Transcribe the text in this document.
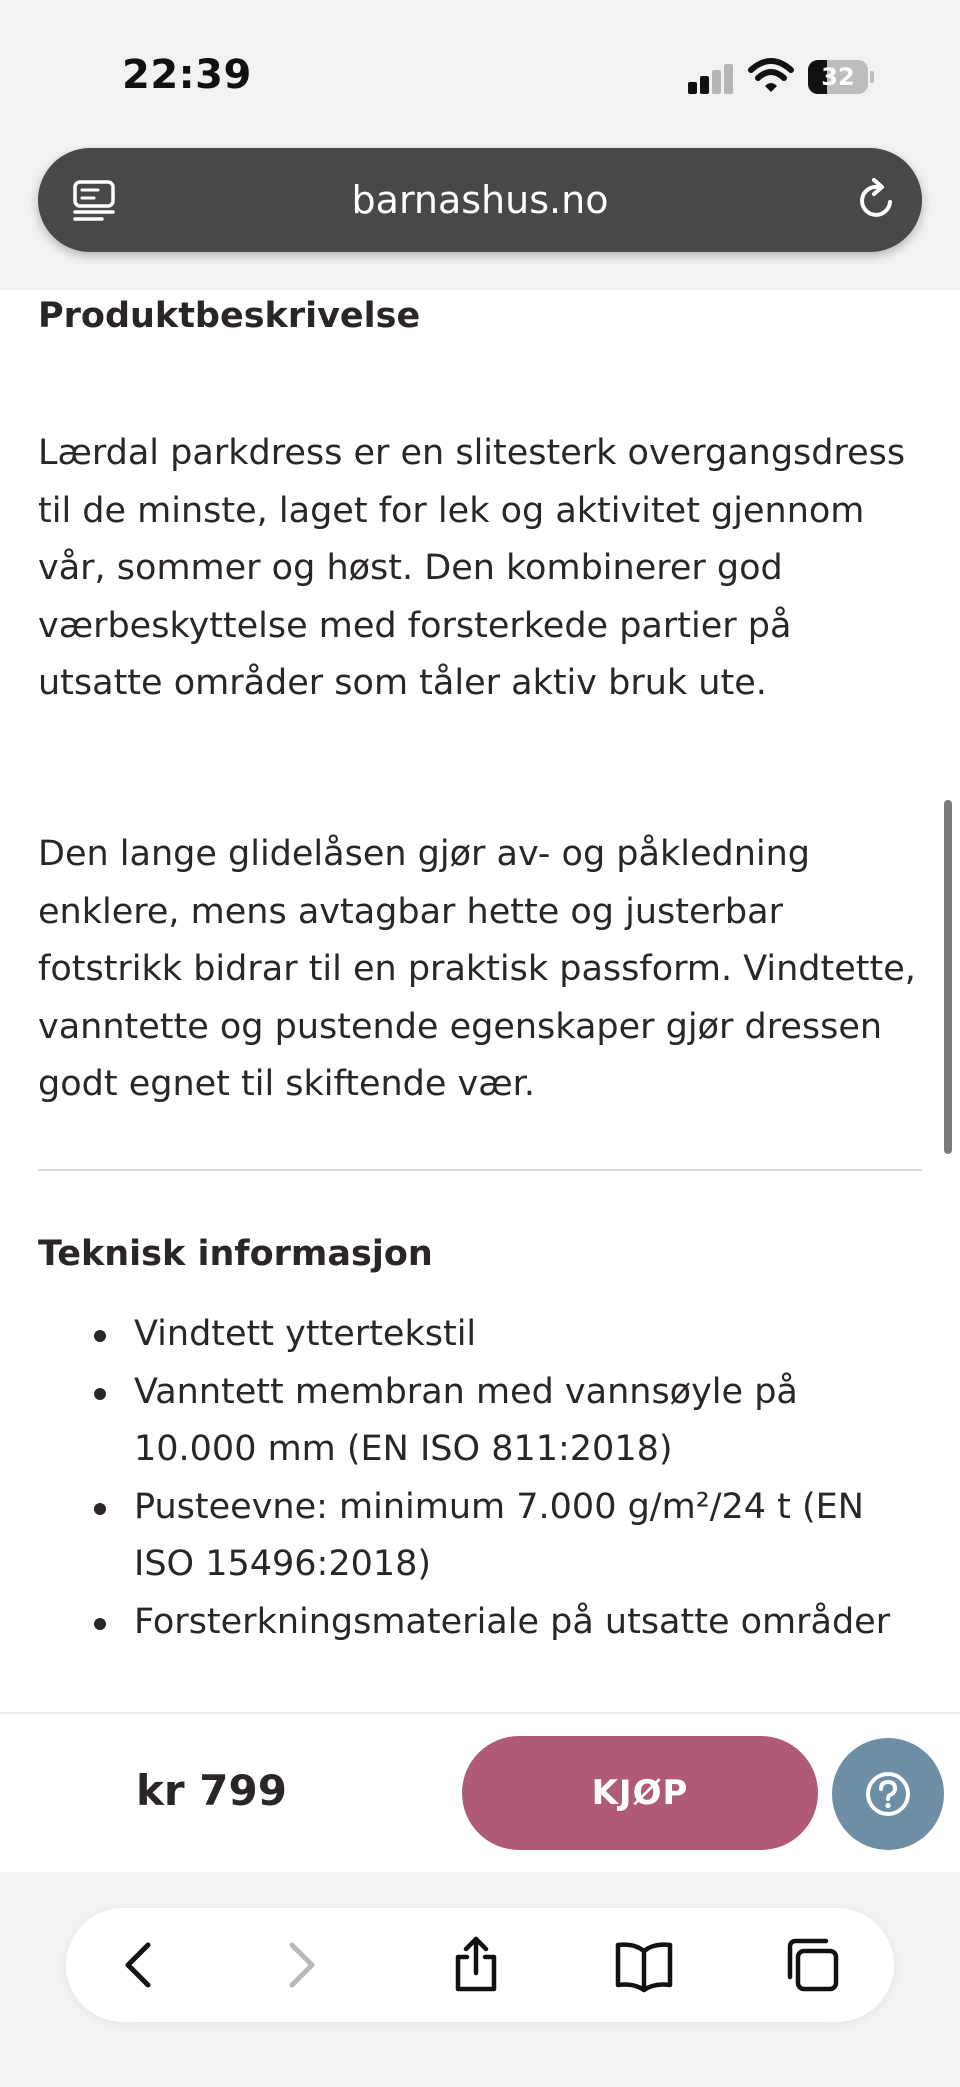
22:39	32
barnashus.no
Produktbeskrivelse

Lærdal parkdress er en slitesterk overgangsdress til de minste, laget for lek og aktivitet gjennom vår, sommer og høst. Den kombinerer god værbeskyttelse med forsterkede partier på utsatte områder som tåler aktiv bruk ute.

Den lange glidelåsen gjør av- og påkledning enklere, mens avtagbar hette og justerbar fotstrikk bidrar til en praktisk passform. Vindtette, vanntette og pustende egenskaper gjør dressen godt egnet til skiftende vær.

Teknisk informasjon
Vindtett yttertekstil
Vanntett membran med vannsøyle på 10.000 mm (EN ISO 811:2018)
Pusteevne: minimum 7.000 g/m²/24 t (EN ISO 15496:2018)
Forsterkningsmateriale på utsatte områder
kr 799	KJØP
